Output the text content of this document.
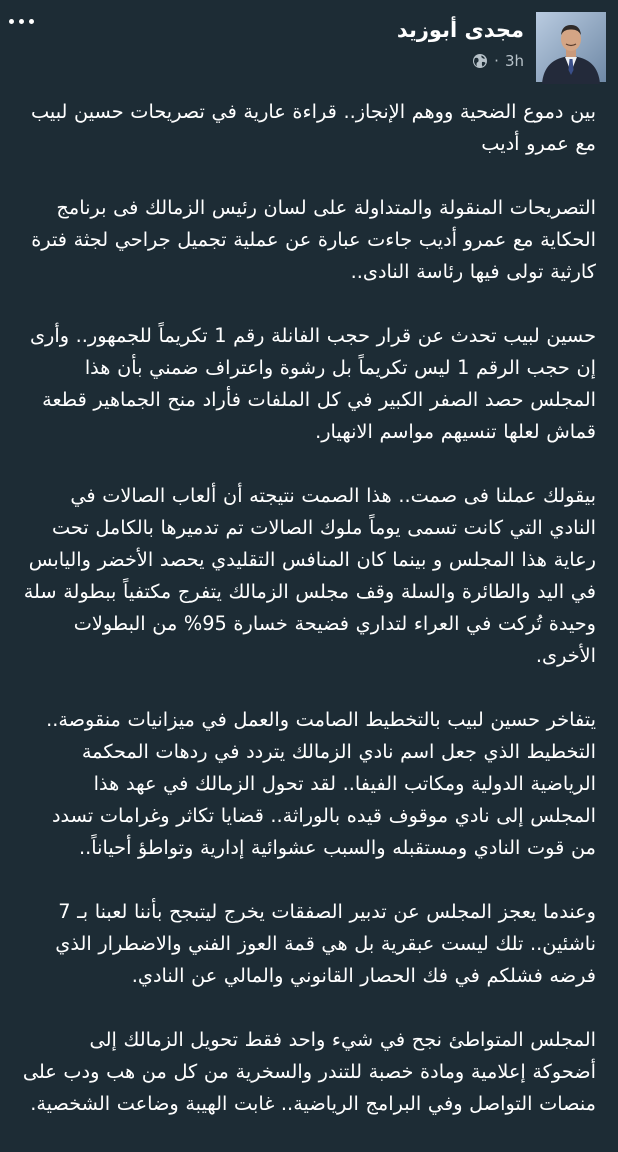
مجدى أبوزيد
· 3h

بين دموع الضحية ووهم الإنجاز.. قراءة عارية في تصريحات حسين لبيب مع عمرو أديب

التصريحات المنقولة والمتداولة على لسان رئيس الزمالك فى برنامج الحكاية مع عمرو أديب جاءت عبارة عن عملية تجميل جراحي لجثة فترة كارثية تولى فيها رئاسة النادى..

حسين لبيب تحدث عن قرار حجب الفانلة رقم 1 تكريماً للجمهور.. وأرى إن حجب الرقم 1 ليس تكريماً بل رشوة واعتراف ضمني بأن هذا المجلس حصد الصفر الكبير في كل الملفات فأراد منح الجماهير قطعة قماش لعلها تنسيهم مواسم الانهيار.

بيقولك عملنا فى صمت.. هذا الصمت نتيجته أن ألعاب الصالات في النادي التي كانت تسمى يوماً ملوك الصالات تم تدميرها بالكامل تحت رعاية هذا المجلس و بينما كان المنافس التقليدي يحصد الأخضر واليابس في اليد والطائرة والسلة وقف مجلس الزمالك يتفرج مكتفياً ببطولة سلة وحيدة تُركت في العراء لتداري فضيحة خسارة 95% من البطولات الأخرى.

يتفاخر حسين لبيب بالتخطيط الصامت والعمل في ميزانيات منقوصة.. التخطيط الذي جعل اسم نادي الزمالك يتردد في ردهات المحكمة الرياضية الدولية ومكاتب الفيفا.. لقد تحول الزمالك في عهد هذا المجلس إلى نادي موقوف قيده بالوراثة.. قضايا تكاثر وغرامات تسدد من قوت النادي ومستقبله والسبب عشوائية إدارية وتواطؤ أحياناً..

وعندما يعجز المجلس عن تدبير الصفقات يخرج ليتبجح بأننا لعبنا بـ 7 ناشئين.. تلك ليست عبقرية بل هي قمة العوز الفني والاضطرار الذي فرضه فشلكم في فك الحصار القانوني والمالي عن النادي.

المجلس المتواطئ نجح في شيء واحد فقط تحويل الزمالك إلى أضحوكة إعلامية ومادة خصبة للتندر والسخرية من كل من هب ودب على منصات التواصل وفي البرامج الرياضية.. غابت الهيبة وضاعت الشخصية.
